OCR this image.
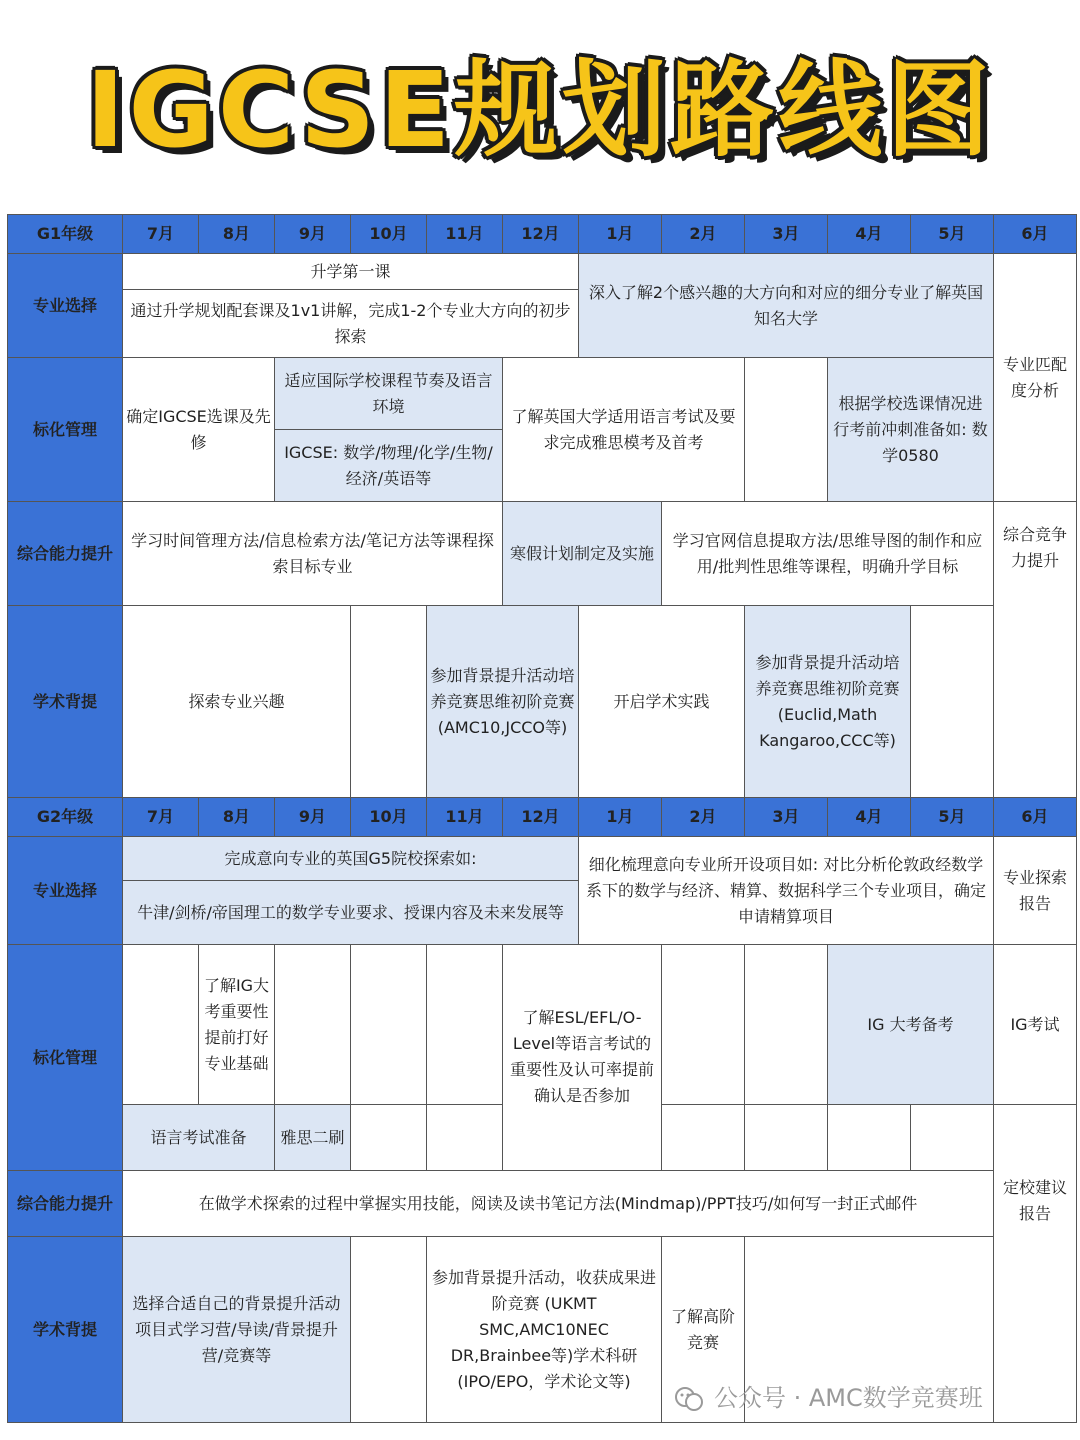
IGCSE规划路线图
G1年级	7月	8月	9月	10月	11月	12月	1月	2月	3月	4月	5月	6月
专业选择	升学第一课						深入了解2个感兴趣的大方向和对应的细分专业了解英国知名大学					专业匹配度分析
	通过升学规划配套课及1v1讲解，完成1-2个专业大方向的初步探索											
标化管理	确定IGCSE选课及先修		适应国际学校课程节奏及语言环境			了解英国大学适用语言考试及要求完成雅思模考及首考				根据学校选课情况进行考前冲刺准备如: 数学0580		
			IGCSE: 数学/物理/化学/生物/经济/英语等									
综合能力提升	学习时间管理方法/信息检索方法/笔记方法等课程探索目标专业					寒假计划制定及实施		学习官网信息提取方法/思维导图的制作和应用/批判性思维等课程，明确升学目标				综合竞争力提升
学术背提	探索专业兴趣				参加背景提升活动培养竞赛思维初阶竞赛(AMC10,JCCO等)		开启学术实践		参加背景提升活动培养竞赛思维初阶竞赛(Euclid,Math Kangaroo,CCC等)			
G2年级	7月	8月	9月	10月	11月	12月	1月	2月	3月	4月	5月	6月
专业选择	完成意向专业的英国G5院校探索如:						细化梳理意向专业所开设项目如: 对比分析伦敦政经数学系下的数学与经济、精算、数据科学三个专业项目，确定申请精算项目					专业探索报告
	牛津/剑桥/帝国理工的数学专业要求、授课内容及未来发展等											
标化管理		了解IG大考重要性提前打好专业基础				了解ESL/EFL/O-Level等语言考试的重要性及认可率提前确认是否参加				IG 大考备考		IG考试
	语言考试准备		雅思二刷									定校建议报告
综合能力提升	在做学术探索的过程中掌握实用技能，阅读及读书笔记方法(Mindmap)/PPT技巧/如何写一封正式邮件											
学术背提	选择合适自己的背景提升活动项目式学习营/导读/背景提升营/竞赛等				参加背景提升活动，收获成果进阶竞赛 (UKMT SMC,AMC10NEC DR,Brainbee等)学术科研(IPO/EPO，学术论文等)			了解高阶竞赛				
公众号 · AMC数学竞赛班
